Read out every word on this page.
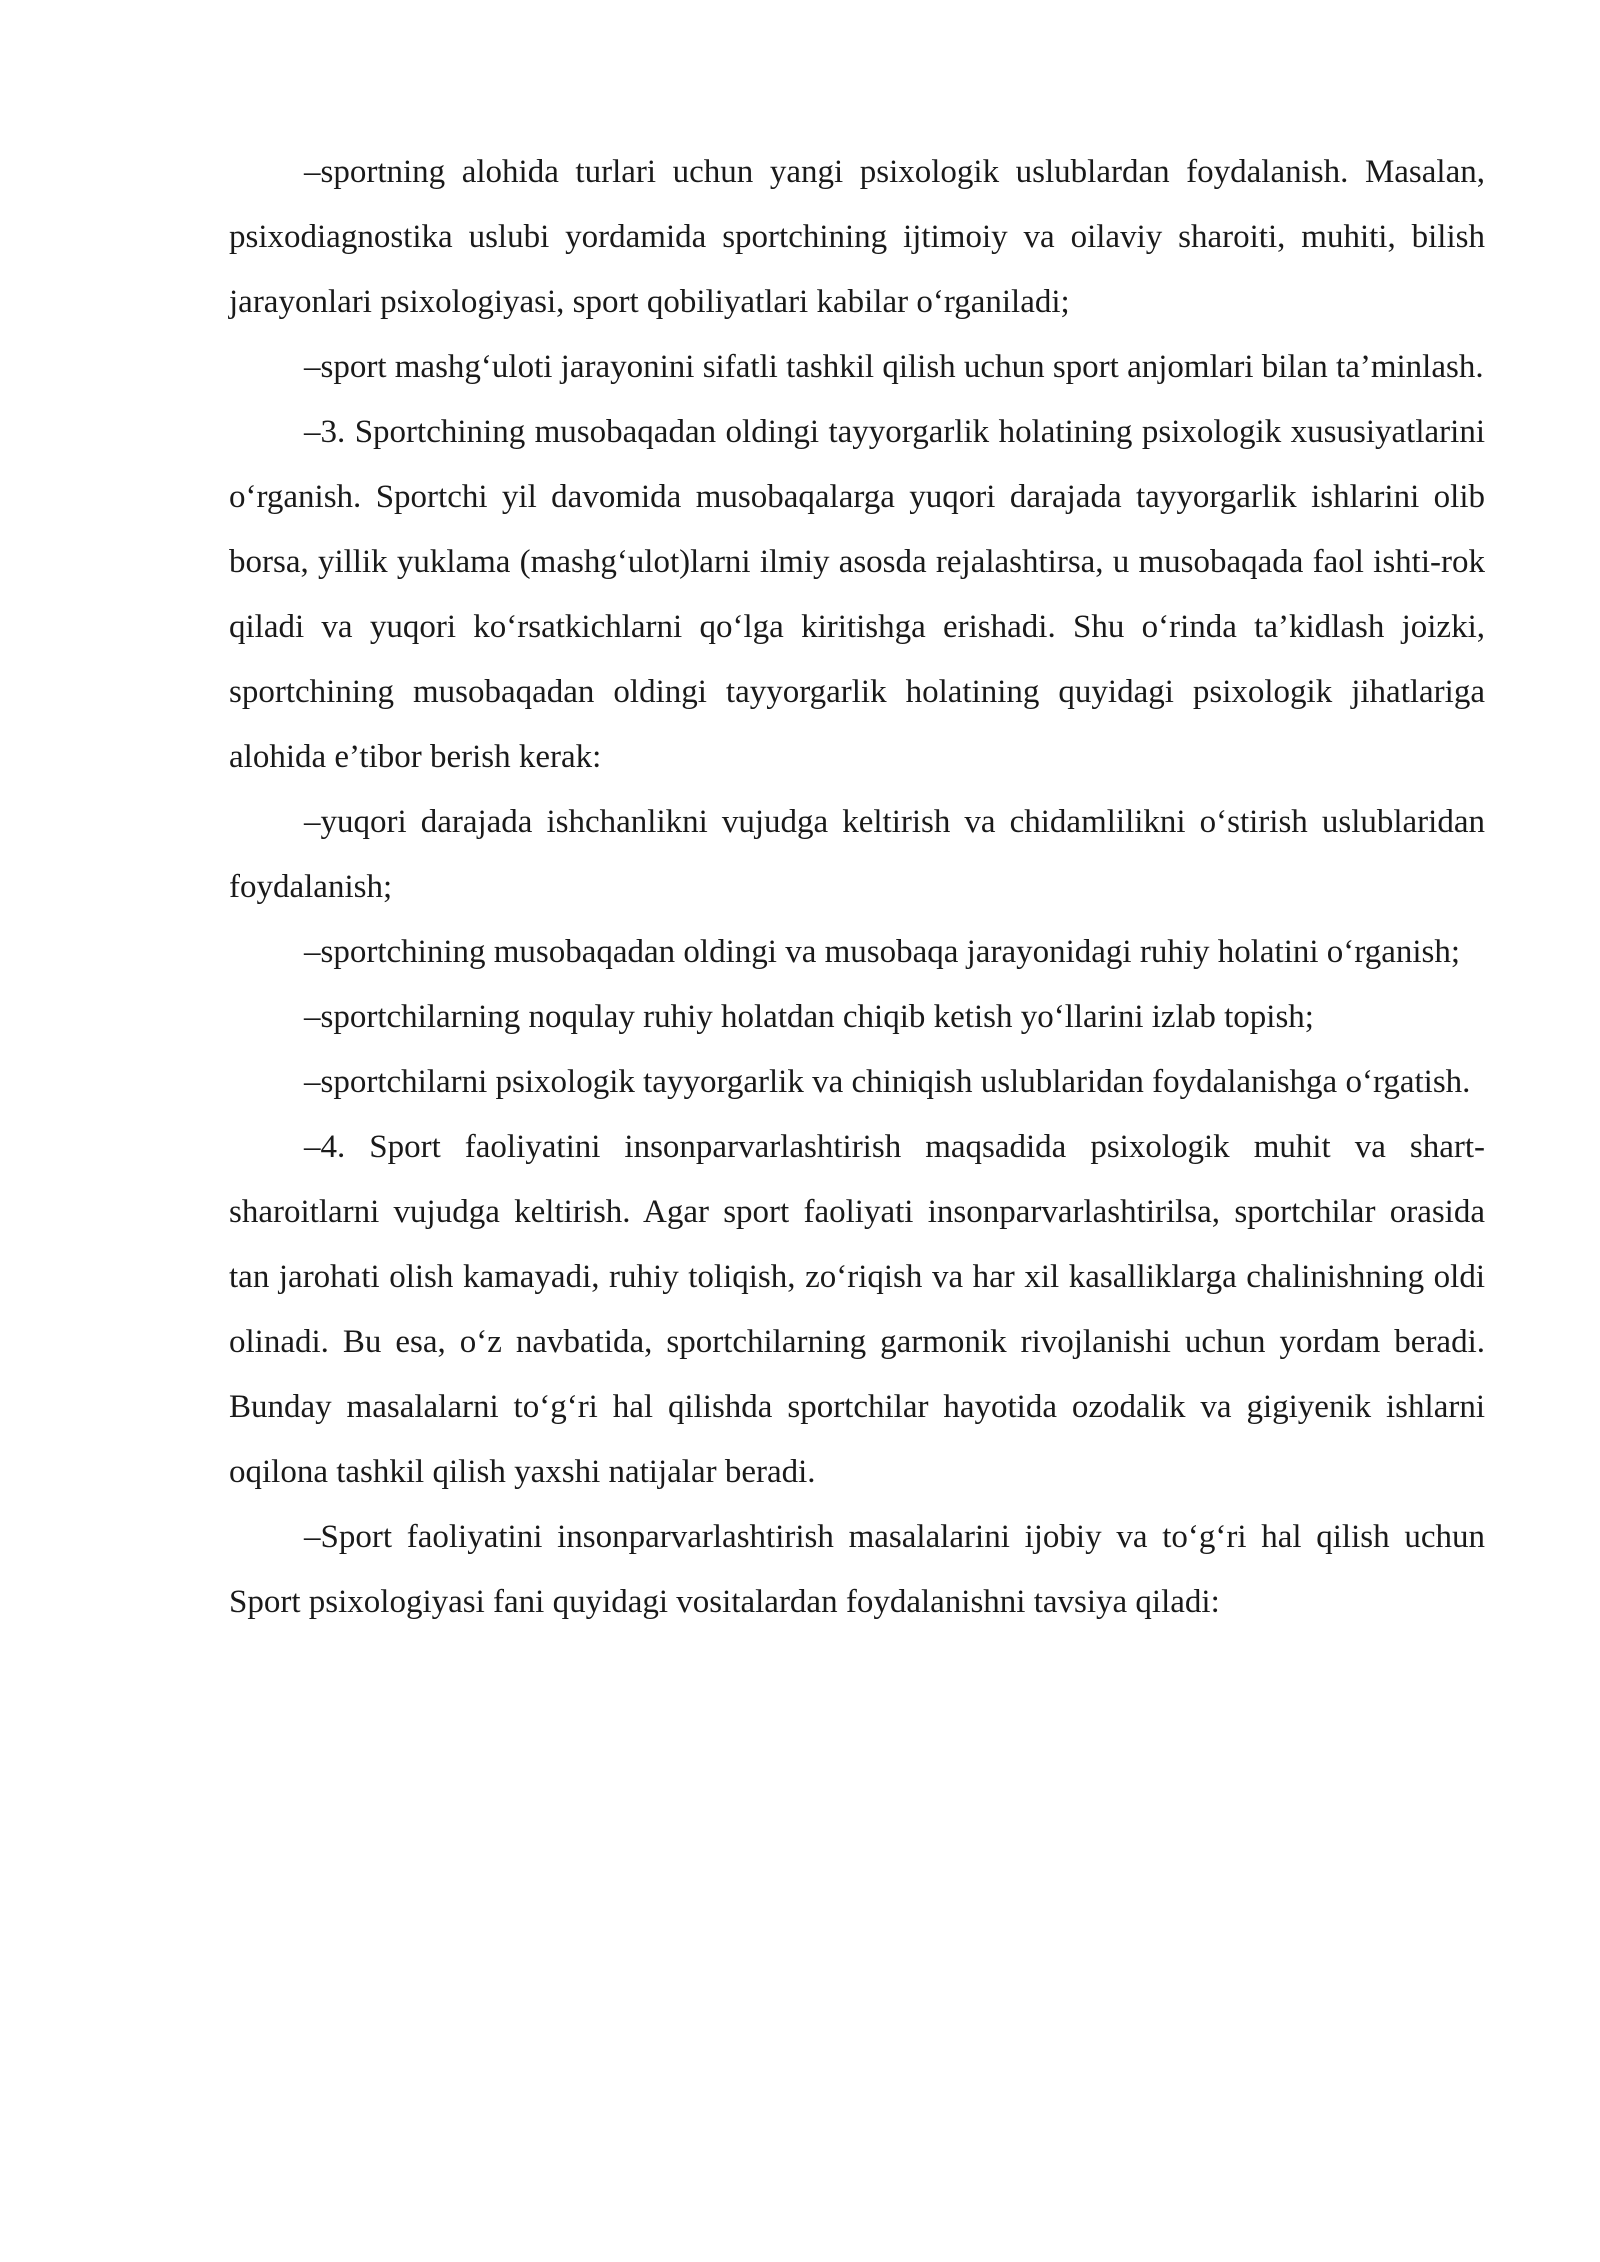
–sportning alohida turlari uchun yangi psixologik uslublardan foydalanish. Masalan, psixodiagnostika uslubi yordamida sportchining ijtimoiy va oilaviy sharoiti, muhiti, bilish jarayonlari psixologiyasi, sport qobiliyatlari kabilar oʻrganiladi;

–sport mashgʻuloti jarayonini sifatli tashkil qilish uchun sport anjomlari bilan ta’minlash.

–3. Sportchining musobaqadan oldingi tayyorgarlik holatining psixologik xususiyatlarini oʻrganish. Sportchi yil davomida musobaqalarga yuqori darajada tayyorgarlik ishlarini olib borsa, yillik yuklama (mashgʻulot)larni ilmiy asosda rejalashtirsa, u musobaqada faol ishti-rok qiladi va yuqori koʻrsatkichlarni qoʻlga kiritishga erishadi. Shu oʻrinda ta’kidlash joizki, sportchining musobaqadan oldingi tayyorgarlik holatining quyidagi psixologik jihatlariga alohida e’tibor berish kerak:

–yuqori darajada ishchanlikni vujudga keltirish va chidamlilikni oʻstirish uslublaridan foydalanish;

–sportchining musobaqadan oldingi va musobaqa jarayonidagi ruhiy holatini oʻrganish;

–sportchilarning noqulay ruhiy holatdan chiqib ketish yoʻllarini izlab topish;

–sportchilarni psixologik tayyorgarlik va chiniqish uslublaridan foydalanishga oʻrgatish.

–4. Sport faoliyatini insonparvarlashtirish maqsadida psixologik muhit va shart-sharoitlarni vujudga keltirish. Agar sport faoliyati insonparvarlashtirilsa, sportchilar orasida tan jarohati olish kamayadi, ruhiy toliqish, zoʻriqish va har xil kasalliklarga chalinishning oldi olinadi. Bu esa, oʻz navbatida, sportchilarning garmonik rivojlanishi uchun yordam beradi. Bunday masalalarni toʻgʻri hal qilishda sportchilar hayotida ozodalik va gigiyenik ishlarni oqilona tashkil qilish yaxshi natijalar beradi.

–Sport faoliyatini insonparvarlashtirish masalalarini ijobiy va toʻgʻri hal qilish uchun Sport psixologiyasi fani quyidagi vositalardan foydalanishni tavsiya qiladi:
